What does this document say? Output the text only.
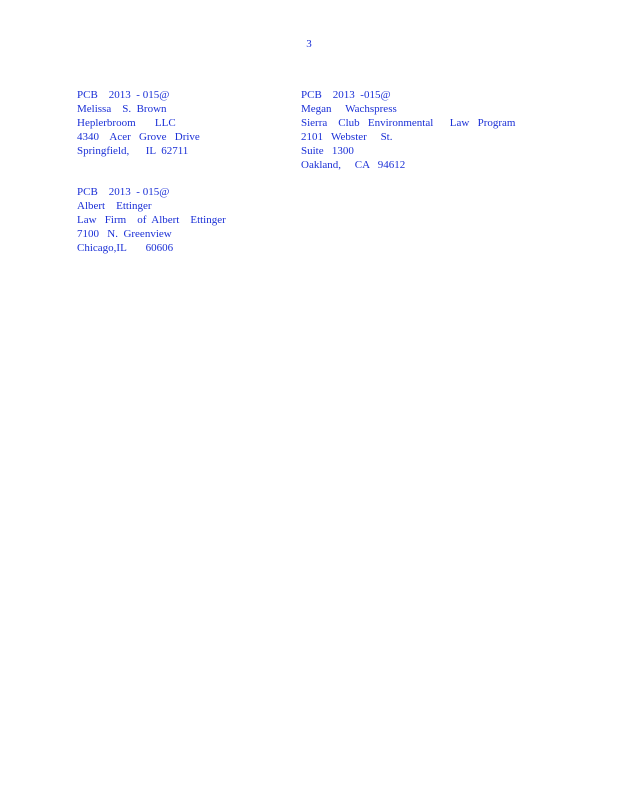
3
PCB    2013  - 015@
Melissa    S.  Brown
Heplerbroom       LLC
4340    Acer   Grove   Drive
Springfield,      IL  62711
PCB    2013  -015@
Megan     Wachspress
Sierra    Club   Environmental      Law   Program
2101   Webster     St.
Suite   1300
Oakland,     CA   94612
PCB    2013  - 015@
Albert    Ettinger
Law   Firm    of  Albert    Ettinger
7100   N.  Greenview
Chicago,IL       60606
